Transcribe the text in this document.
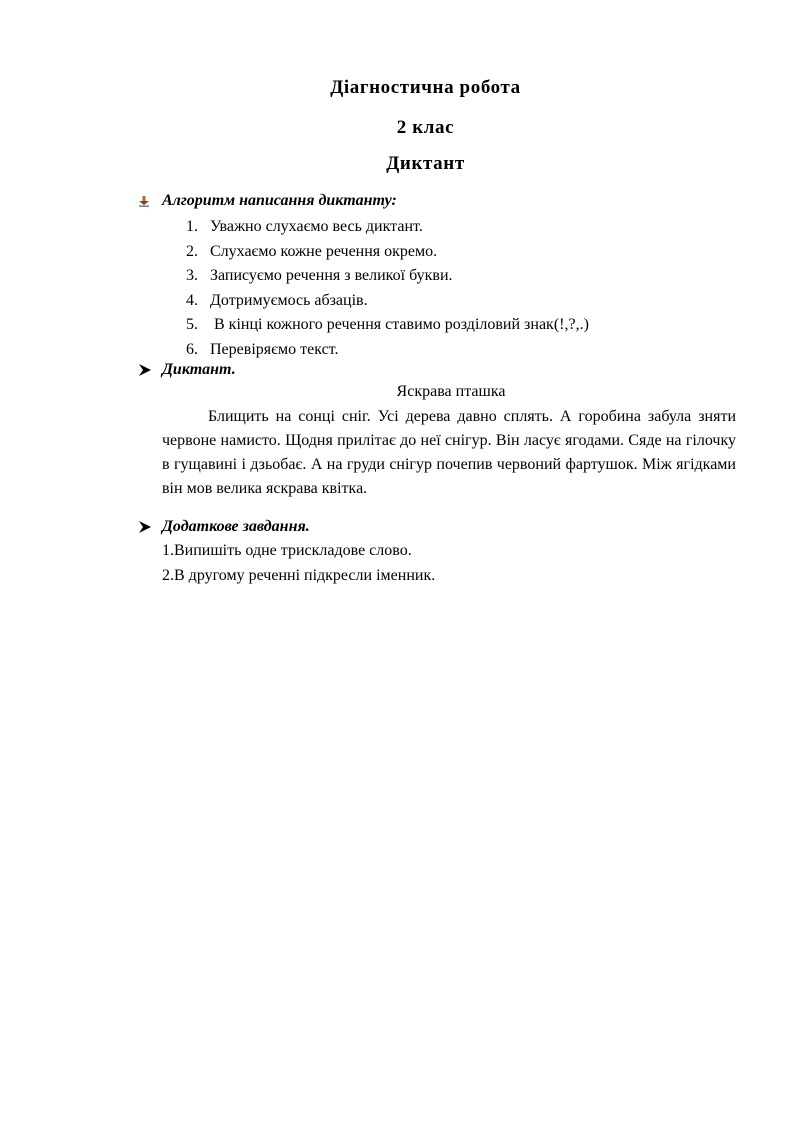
Діагностична робота
2 клас
Диктант
Алгоритм написання диктанту:
1. Уважно слухаємо весь диктант.
2. Слухаємо кожне речення окремо.
3. Записуємо речення з великої букви.
4. Дотримуємось абзаців.
5. В кінці кожного речення ставимо розділовий знак(!,?,.)
6. Перевіряємо текст.
Диктант.
Яскрава пташка

Блищить на сонці сніг. Усі дерева давно сплять. А горобина забула зняти червоне намисто. Щодня прилітає до неї снігур. Він ласує ягодами. Сяде на гілочку в гущавині і дзьобає. А на груди снігур почепив червоний фартушок. Між ягідками він мов велика яскрава квітка.

Додаткове завдання.
1.Випишіть одне трискладове слово.
2.В другому реченні підкресли іменник.
